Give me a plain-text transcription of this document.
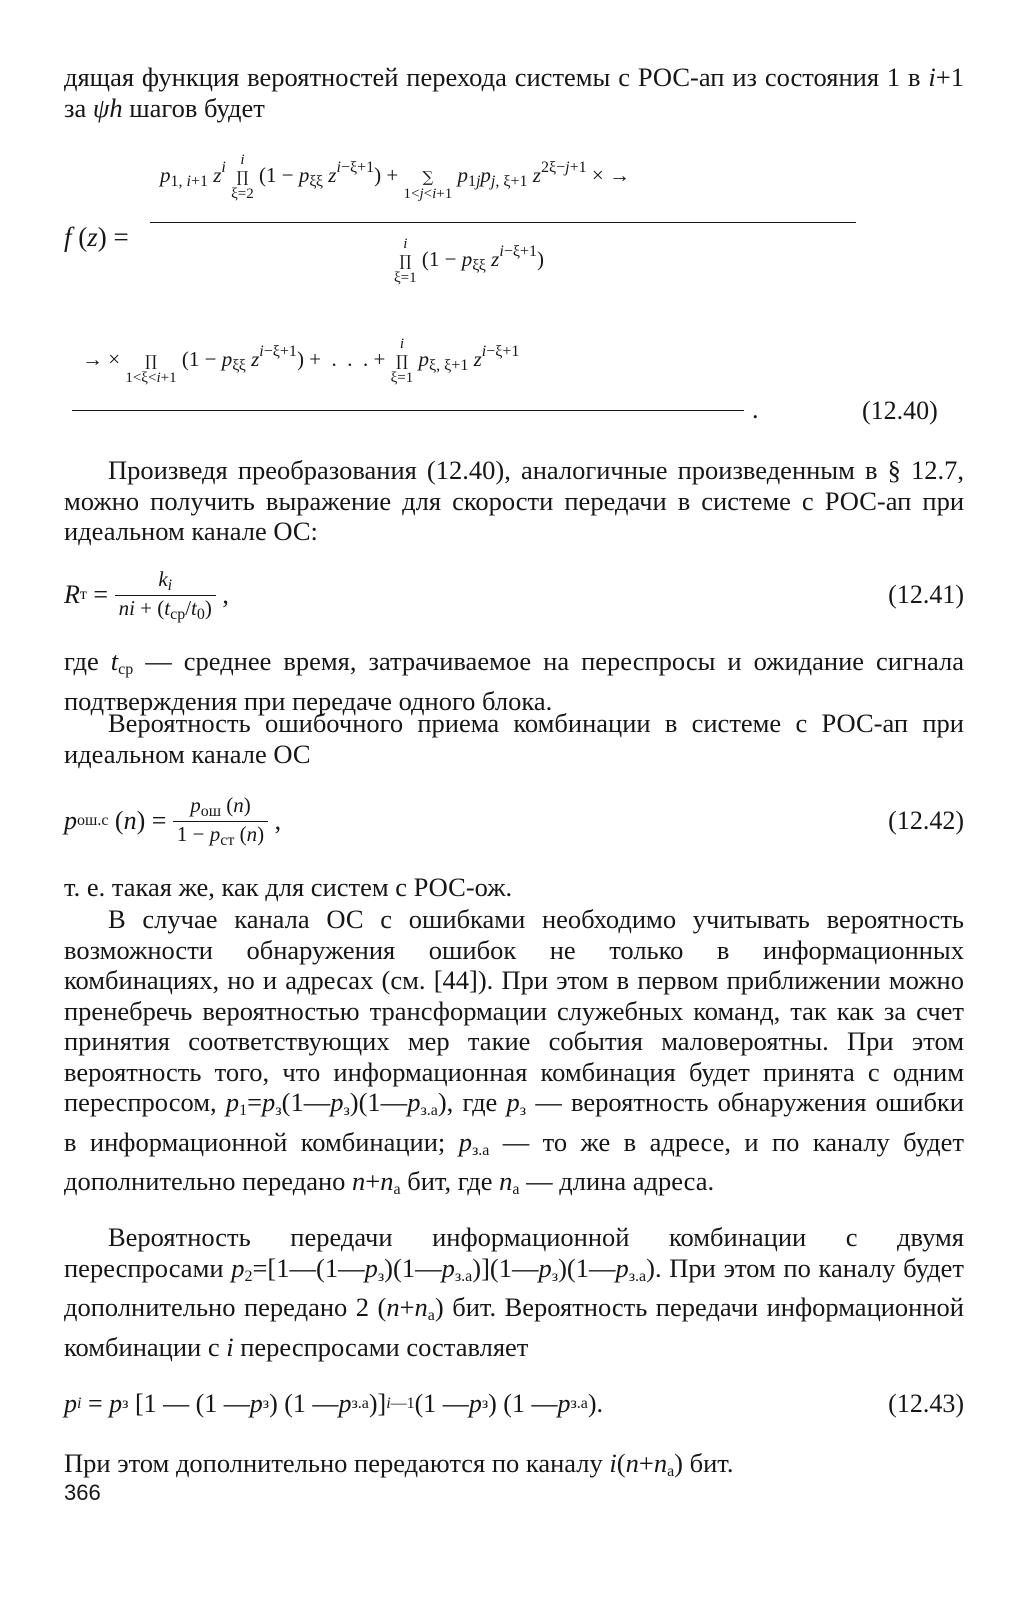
дящая функция вероятностей перехода системы с РОС-ап из состояния 1 в i+1 за ψh шагов будет

f (z) =
$p_{1, i+1}$ $z^i$ i
∏
ξ=2
($1 - p_{\xi\xi}$ $z^{i-\xi+1}$) +
	∑
1<j<i+1
$p_{1j}p_{j, \xi+1}$ $z^{2\xi-j+1}$ × →
i
∏
ξ=1
($1 - p_{\xi\xi}$ $z^{i-\xi+1}$)
→ ×
	∏
1<ξ<i+1
($1 - p_{\xi\xi}$ $z^{i-\xi+1}$) +  .  .  . +
i
∏
ξ=1
$p_{\xi, \xi+1}$ $z^{i-\xi+1}$
.	(12.40)

Произведя преобразования (12.40), аналогичные произведенным в § 12.7, можно получить выражение для скорости передачи в системе с РОС-ап при идеальном канале ОС:

R $т = \frac{k_i}{ni + (t_{ср}/t_0)}$ ,	(12.41)

где $t_{ср}$ — среднее время, затрачиваемое на переспросы и ожидание сигнала подтверждения при передаче одного блока.

Вероятность ошибочного приема комбинации в системе с РОС-ап при идеальном канале ОС

p ош.с ( n ) = $\frac{p_{ош} (n)}{1 - p_{ст} (n)}$ ,	(12.42)

т. е. такая же, как для систем с РОС-ож.

В случае канала ОС с ошибками необходимо учитывать вероятность возможности обнаружения ошибок не только в информационных комбинациях, но и адресах (см. [44]). При этом в первом приближении можно пренебречь вероятностью трансформации служебных команд, так как за счет принятия соответствующих мер такие события маловероятны. При этом вероятность того, что информационная комбинация будет принята с одним переспросом, $p_1=p_з(1—p_з)(1—p_{з.а})$, где $p_з$ — вероятность обнаружения ошибки в информационной комбинации; $p_{з.а}$ — то же в адресе, и по каналу будет дополнительно передано $n+n_а$ бит, где $n_а$ — длина адреса.

Вероятность передачи информационной комбинации с двумя переспросами $p_2=[1—(1—p_з)(1—p_{з.а})](1—p_з)(1—p_{з.а})$. При этом по каналу будет дополнительно передано 2 $(n+n_а)$ бит. Вероятность передачи информационной комбинации с i переспросами составляет

p i = p з [1 — (1 — p з ) (1 — p з.а )] i—1 (1 — p з ) (1 — p з.а ).	(12.43)

При этом дополнительно передаются по каналу $i(n+n_а)$ бит.

366
